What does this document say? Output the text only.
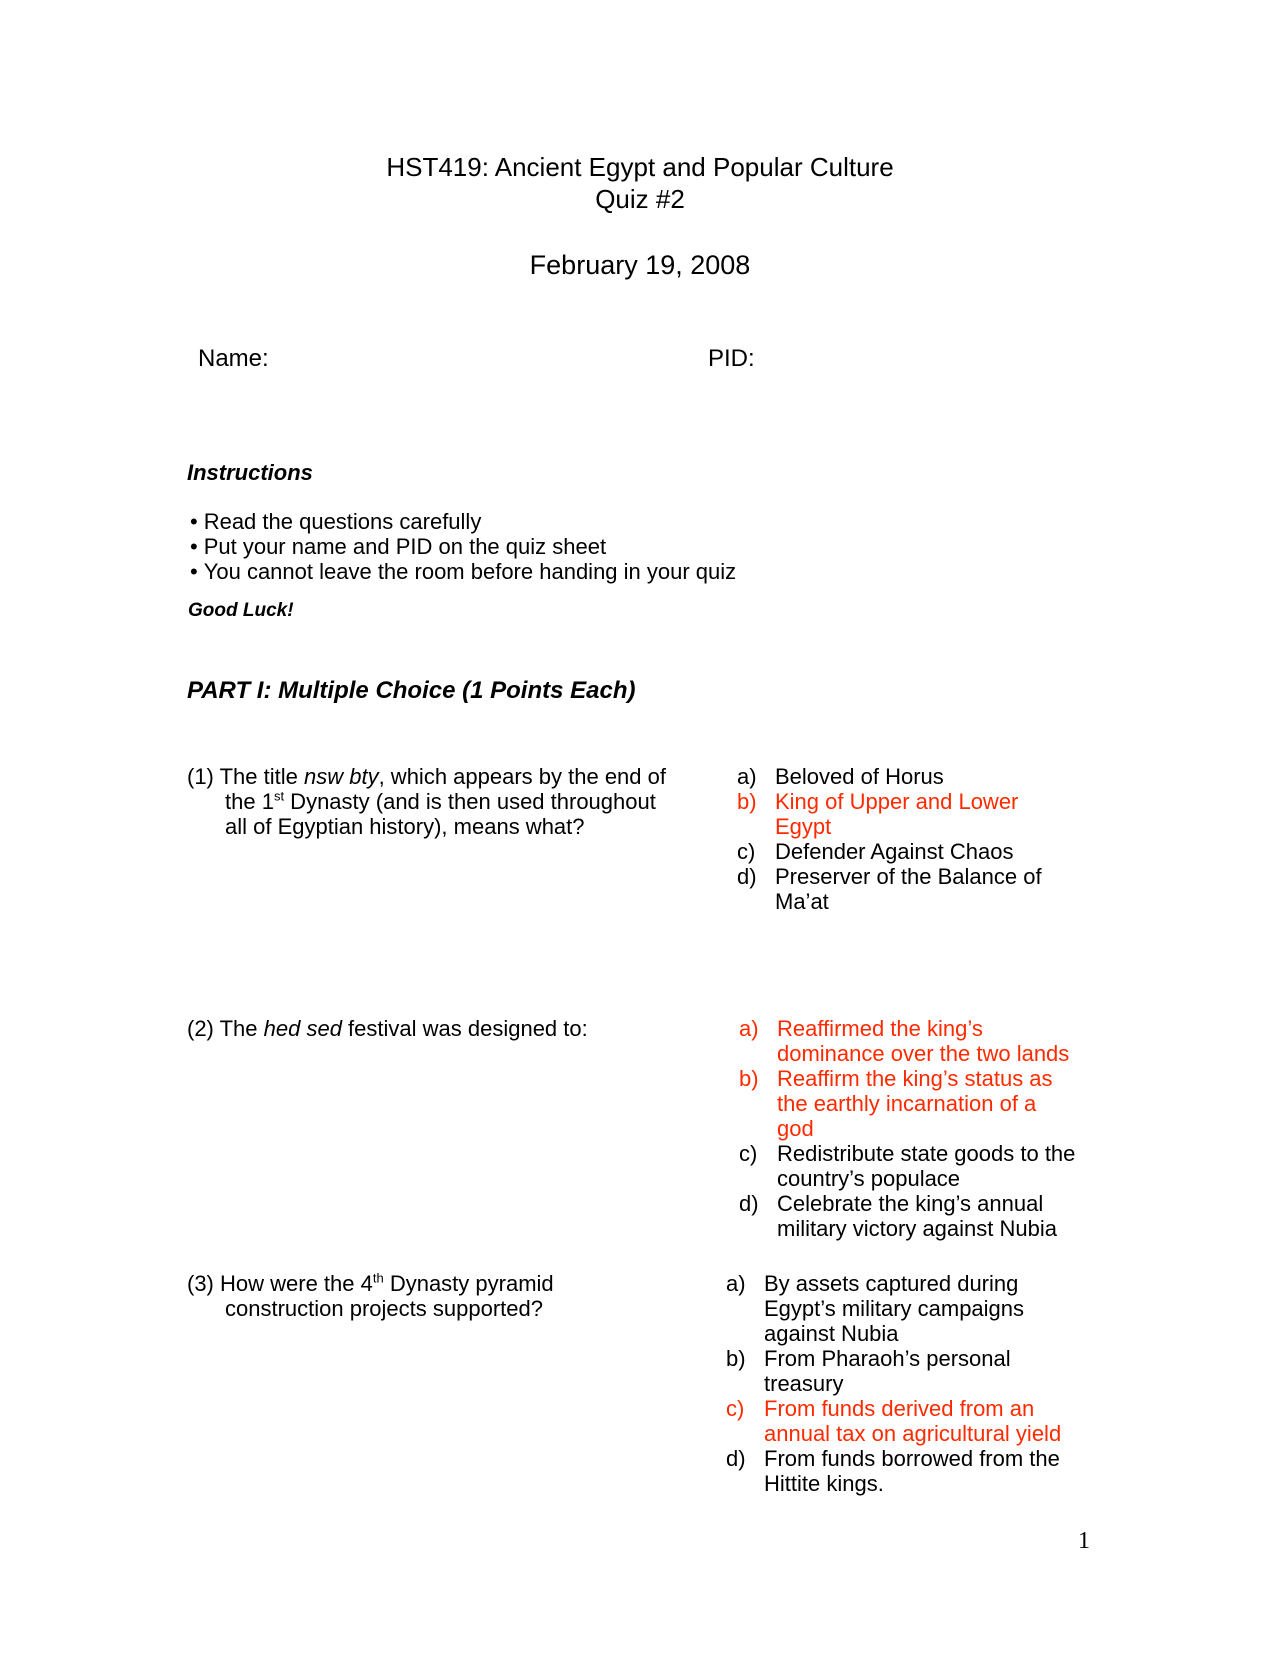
HST419: Ancient Egypt and Popular Culture
Quiz #2
February 19, 2008
Name:	PID:
Instructions
• Read the questions carefully
• Put your name and PID on the quiz sheet
• You cannot leave the room before handing in your quiz
Good Luck!
PART I: Multiple Choice (1 Points Each)
(1) The title nsw bty, which appears by the end of
the 1st Dynasty (and is then used throughout
all of Egyptian history), means what?
a) Beloved of Horus
b) King of Upper and Lower Egypt
c) Defender Against Chaos
d) Preserver of the Balance of Ma’at
(2) The hed sed festival was designed to:	a) Reaffirmed the king’s dominance over the two lands
b) Reaffirm the king’s status as the earthly incarnation of a god
c) Redistribute state goods to the country’s populace
d) Celebrate the king’s annual military victory against Nubia
(3) How were the 4th Dynasty pyramid
construction projects supported?
a) By assets captured during Egypt’s military campaigns against Nubia
b) From Pharaoh’s personal treasury
c) From funds derived from an annual tax on agricultural yield
d) From funds borrowed from the Hittite kings.
1
